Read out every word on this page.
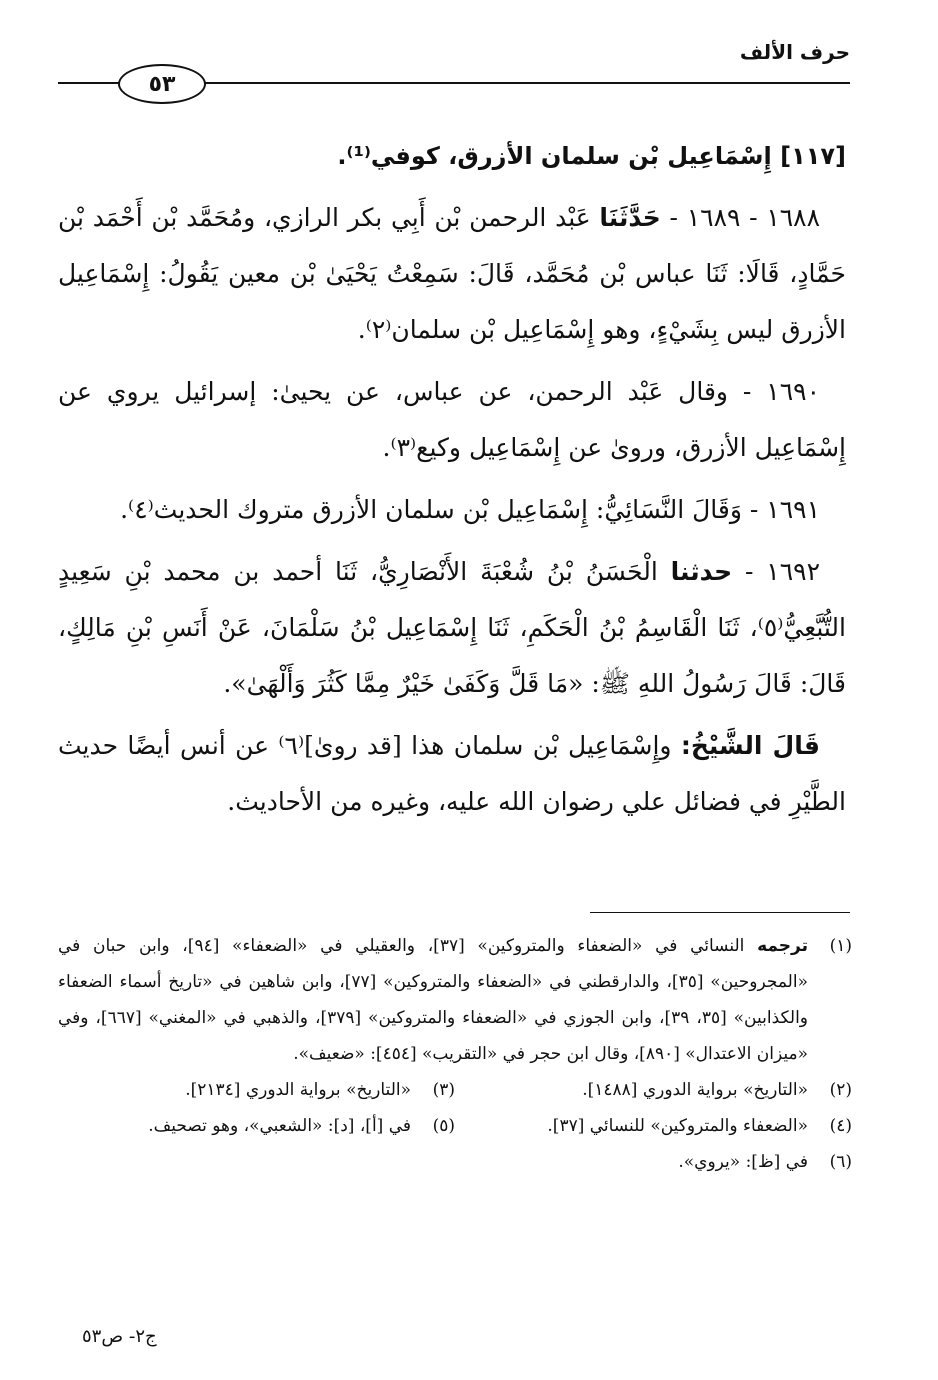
حرف الألف
٥٣

[١١٧] إِسْمَاعِيل بْن سلمان الأزرق، كوفي⁽¹⁾.

١٦٨٨ - ١٦٨٩ - حَدَّثَنَا عَبْد الرحمن بْن أَبِي بكر الرازي، ومُحَمَّد بْن أَحْمَد بْن حَمَّادٍ، قَالَا: ثَنَا عباس بْن مُحَمَّد، قَالَ: سَمِعْتُ يَحْيَىٰ بْن معين يَقُولُ: إِسْمَاعِيل الأزرق ليس بِشَيْءٍ، وهو إِسْمَاعِيل بْن سلمان⁽٢⁾.

١٦٩٠ - وقال عَبْد الرحمن، عن عباس، عن يحيىٰ: إسرائيل يروي عن إِسْمَاعِيل الأزرق، وروىٰ عن إِسْمَاعِيل وكيع⁽٣⁾.

١٦٩١ - وَقَالَ النَّسَائِيُّ: إِسْمَاعِيل بْن سلمان الأزرق متروك الحديث⁽٤⁾.

١٦٩٢ - حدثنا الْحَسَنُ بْنُ شُعْبَةَ الأَنْصَارِيُّ، ثَنَا أحمد بن محمد بْنِ سَعِيدٍ التُّبَّعِيُّ⁽٥⁾، ثَنَا الْقَاسِمُ بْنُ الْحَكَمِ، ثَنَا إِسْمَاعِيل بْنُ سَلْمَانَ، عَنْ أَنَسِ بْنِ مَالِكٍ، قَالَ: قَالَ رَسُولُ اللهِ ﷺ: «مَا قَلَّ وَكَفَىٰ خَيْرٌ مِمَّا كَثُرَ وَأَلْهَىٰ».

قَالَ الشَّيْخُ: وإِسْمَاعِيل بْن سلمان هذا [قد روىٰ]⁽٦⁾ عن أنس أيضًا حديث الطَّيْرِ في فضائل علي رضوان الله عليه، وغيره من الأحاديث.

(١)
ترجمه النسائي في «الضعفاء والمتروكين» [٣٧]، والعقيلي في «الضعفاء» [٩٤]، وابن حبان في «المجروحين» [٣٥]، والدارقطني في «الضعفاء والمتروكين» [٧٧]، وابن شاهين في «تاريخ أسماء الضعفاء والكذابين» [٣٥، ٣٩]، وابن الجوزي في «الضعفاء والمتروكين» [٣٧٩]، والذهبي في «المغني» [٦٦٧]، وفي «ميزان الاعتدال» [٨٩٠]، وقال ابن حجر في «التقريب» [٤٥٤]: «ضعيف».

(٢)
«التاريخ» برواية الدوري [١٤٨٨].

(٣)
«التاريخ» برواية الدوري [٢١٣٤].

(٤)
«الضعفاء والمتروكين» للنسائي [٣٧].

(٥)
في [أ]، [د]: «الشعبي»، وهو تصحيف.

(٦)
في [ظ]: «يروي».

ج٢- ص٥٣
